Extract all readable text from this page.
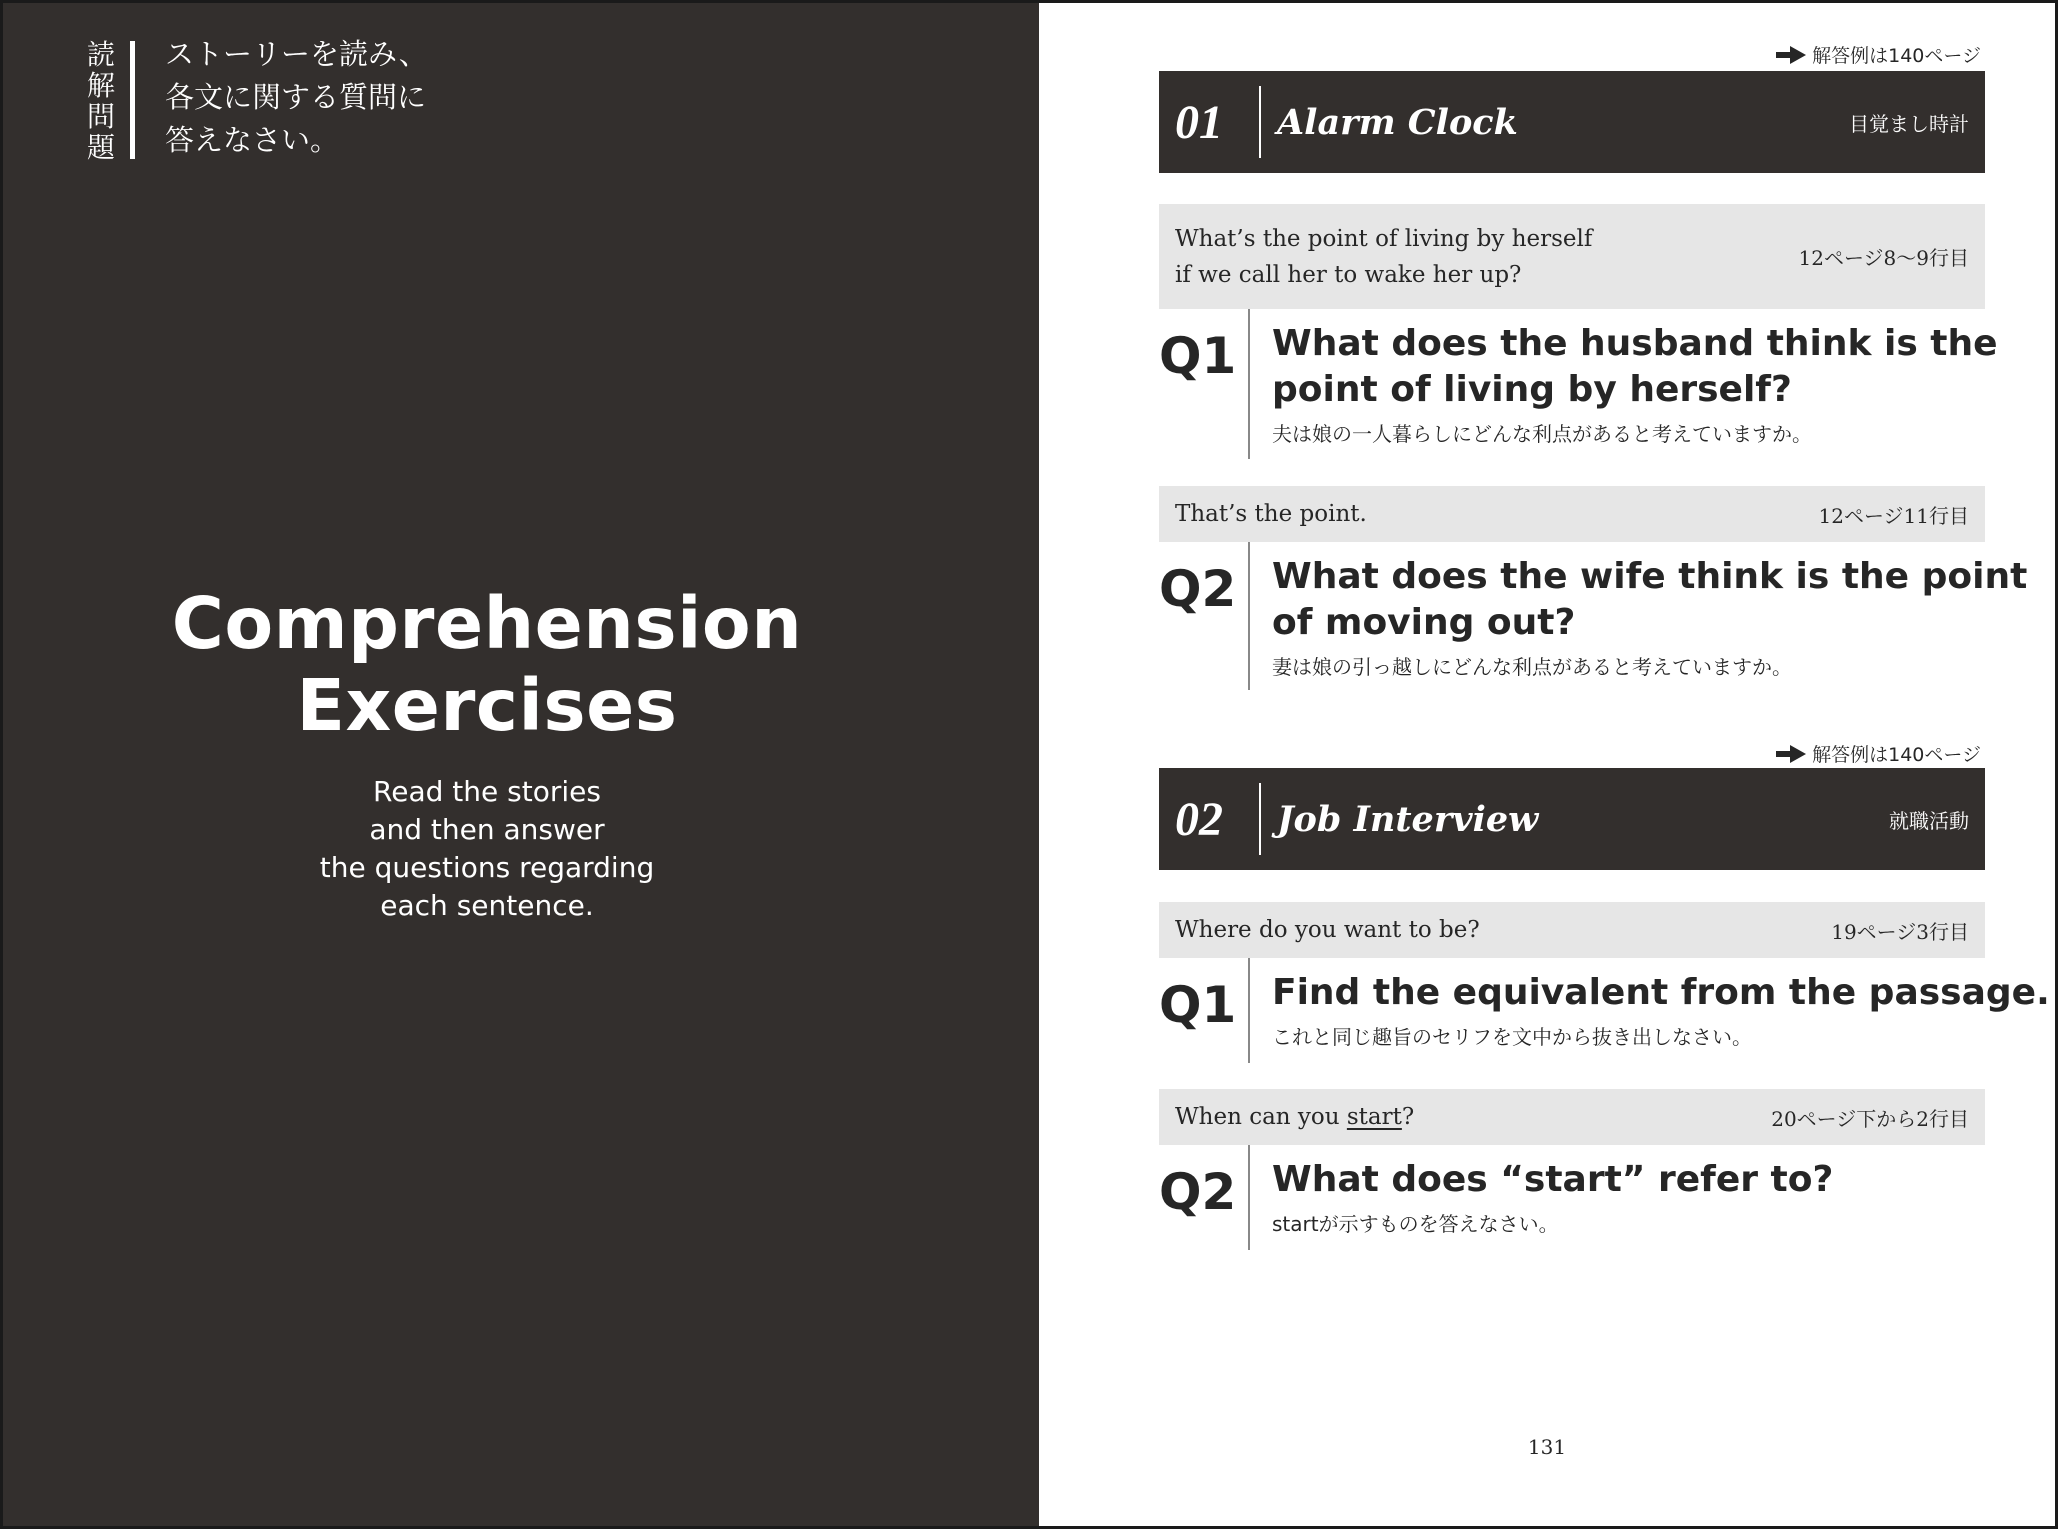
読
解
問
題
ストーリーを読み、
各文に関する質問に
答えなさい。
Comprehension
Exercises
Read the stories
and then answer
the questions regarding
each sentence.
解答例は140ページ
01	Alarm Clock	目覚まし時計
What’s the point of living by herself
if we call her to wake her up?
12ページ8～9行目
Q1 What does the husband think is the
point of living by herself?
夫は娘の一人暮らしにどんな利点があると考えていますか。
That’s the point.	12ページ11行目
Q2 What does the wife think is the point
of moving out?
妻は娘の引っ越しにどんな利点があると考えていますか。
解答例は140ページ
02	Job Interview	就職活動
Where do you want to be?	19ページ3行目
Q1 Find the equivalent from the passage.
これと同じ趣旨のセリフを文中から抜き出しなさい。
When can you start?	20ページ下から2行目
Q2 What does “start” refer to?
startが示すものを答えなさい。
131
